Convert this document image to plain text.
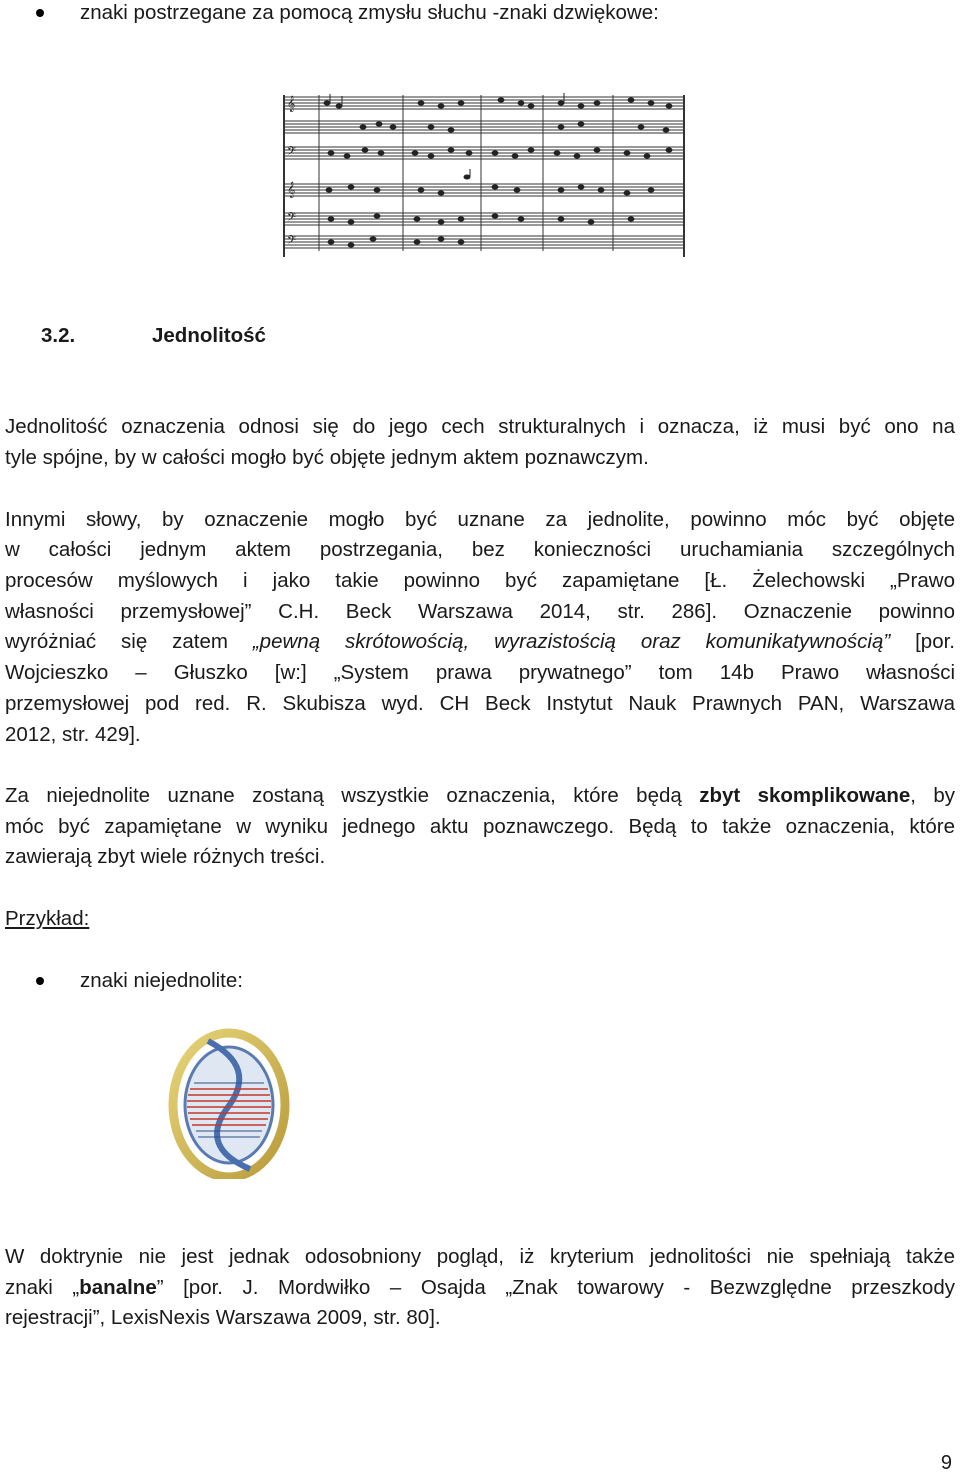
znaki postrzegane za pomocą zmysłu słuchu -znaki dzwiękowe:
𝄞
𝄢
𝄞
𝄢
𝄢
3.2.	Jednolitość
Jednolitość oznaczenia odnosi się do jego cech strukturalnych i oznacza, iż musi być ono na
tyle spójne, by w całości mogło być objęte jednym aktem poznawczym.
Innymi słowy, by oznaczenie mogło być uznane za jednolite, powinno móc być objęte
w całości jednym aktem postrzegania, bez konieczności uruchamiania szczególnych
procesów myślowych i jako takie powinno być zapamiętane [Ł. Żelechowski „Prawo
własności przemysłowej” C.H. Beck Warszawa 2014, str. 286]. Oznaczenie powinno
wyróżniać się zatem „pewną skrótowością, wyrazistością oraz komunikatywnością” [por.
Wojcieszko – Głuszko [w:] „System prawa prywatnego” tom 14b Prawo własności
przemysłowej pod red. R. Skubisza wyd. CH Beck Instytut Nauk Prawnych PAN, Warszawa
2012, str. 429].
Za niejednolite uznane zostaną wszystkie oznaczenia, które będą zbyt skomplikowane, by
móc być zapamiętane w wyniku jednego aktu poznawczego. Będą to także oznaczenia, które
zawierają zbyt wiele różnych treści.
Przykład:
znaki niejednolite:
W doktrynie nie jest jednak odosobniony pogląd, iż kryterium jednolitości nie spełniają także
znaki „banalne” [por. J. Mordwiłko – Osajda „Znak towarowy - Bezwzględne przeszkody
rejestracji”, LexisNexis Warszawa 2009, str. 80].
9
